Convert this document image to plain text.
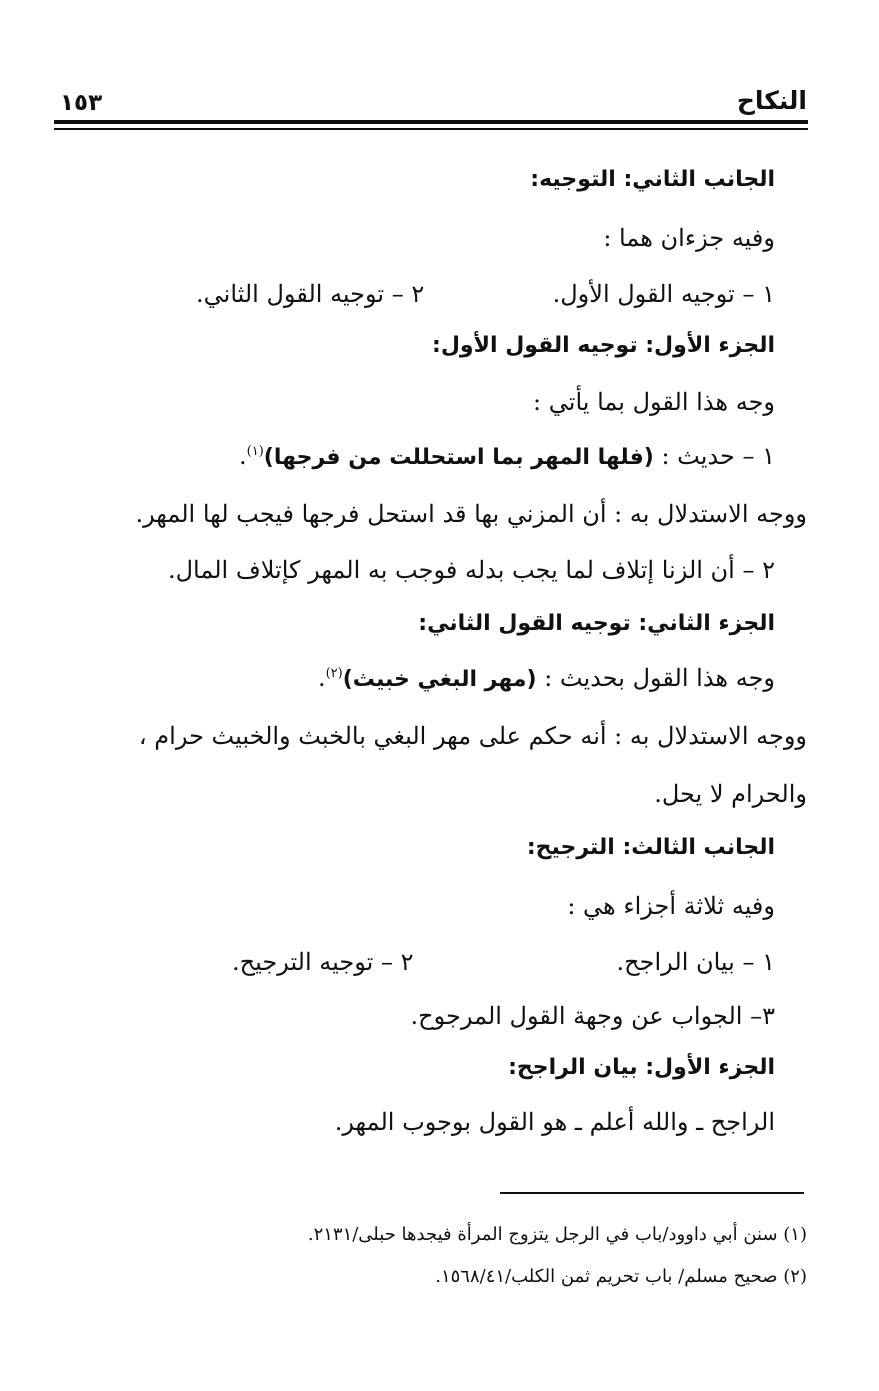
النكاح
١٥٣
الجانب الثاني: التوجيه:
وفيه جزءان هما :
١ – توجيه القول الأول.
٢ – توجيه القول الثاني.
الجزء الأول: توجيه القول الأول:
وجه هذا القول بما يأتي :
١ – حديث : (فلها المهر بما استحللت من فرجها)$^{(١)}$.
ووجه الاستدلال به : أن المزني بها قد استحل فرجها فيجب لها المهر.
٢ – أن الزنا إتلاف لما يجب بدله فوجب به المهر كإتلاف المال.
الجزء الثاني: توجيه القول الثاني:
وجه هذا القول بحديث : (مهر البغي خبيث)$^{(٢)}$.
ووجه الاستدلال به : أنه حكم على مهر البغي بالخبث والخبيث حرام ،
والحرام لا يحل.
الجانب الثالث: الترجيح:
وفيه ثلاثة أجزاء هي :
١ – بيان الراجح.
٢ – توجيه الترجيح.
٣– الجواب عن وجهة القول المرجوح.
الجزء الأول: بيان الراجح:
الراجح ـ والله أعلم ـ هو القول بوجوب المهر.
(١) سنن أبي داوود/باب في الرجل يتزوج المرأة فيجدها حبلى/٢١٣١.
(٢) صحيح مسلم/ باب تحريم ثمن الكلب/١٥٦٨/٤١.
